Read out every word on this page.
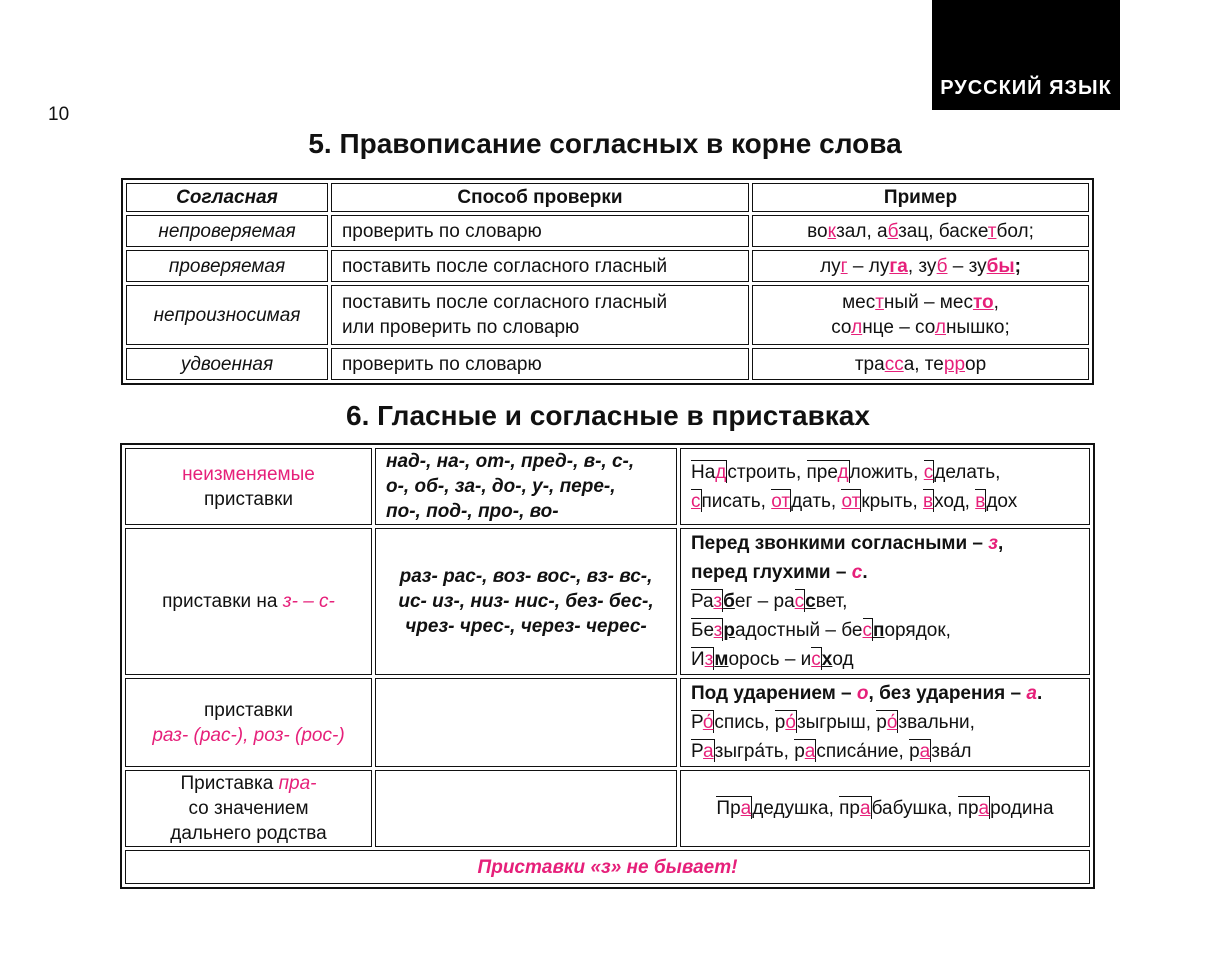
РУССКИЙ ЯЗЫК
10
5. Правописание согласных в корне слова
Согласная	Способ проверки	Пример
непроверяемая	проверить по словарю	вокзал, абзац, баскетбол;
проверяемая	поставить после согласного гласный	луг – луга, зуб – зубы;
непроизносимая	поставить после согласного гласный
или проверить по словарю	местный – место,
солнце – солнышко;

удвоенная	проверить по словарю	трасса, террор
6. Гласные и согласные в приставках
неизменяемые
приставки	над-, на-, от-, пред-, в-, с-,
о-, об-, за-, до-, у-, пере-,
по-, под-, про-, во-	Надстроить, предложить, сделать,
списать, отдать, открыть, вход, вдох

приставки на з- – с-	раз- рас-, воз- вос-, вз- вс-,
ис- из-, низ- нис-, без- бес-,
чрез- чрес-, через- черес-	Перед звонкими согласными – з,
перед глухими – с.
Разбег – рассвет,
Безрадостный – беспорядок,
Изморось – исход

приставки
раз- (рас-), роз- (рос-)		Под ударением – о, без ударения – а.
Ро́спись, ро́зыгрыш, ро́звальни,
Разыгра́ть, расписа́ние, разва́л

Приставка пра-
со значением
дальнего родства		Прадедушка, прабабушка, прародина
Приставки «з» не бывает!		
